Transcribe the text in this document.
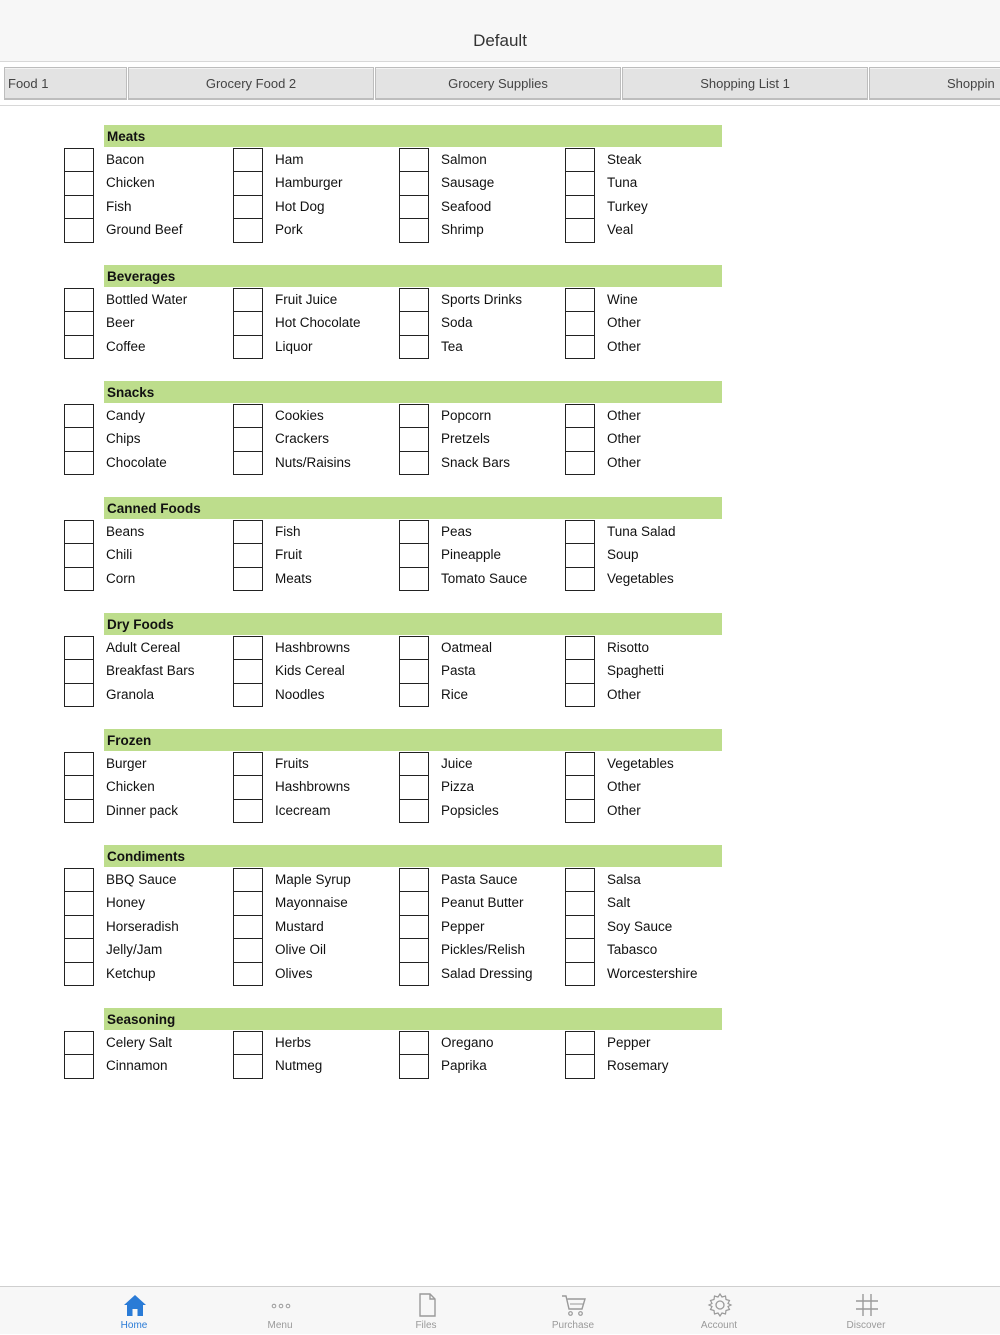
Default
Food 1	Grocery Food 2	Grocery Supplies	Shopping List 1	Shoppin
Meats
Bacon	Ham	Salmon	Steak
Chicken	Hamburger	Sausage	Tuna
Fish	Hot Dog	Seafood	Turkey
Ground Beef	Pork	Shrimp	Veal
Beverages
Bottled Water	Fruit Juice	Sports Drinks	Wine
Beer	Hot Chocolate	Soda	Other
Coffee	Liquor	Tea	Other
Snacks
Candy	Cookies	Popcorn	Other
Chips	Crackers	Pretzels	Other
Chocolate	Nuts/Raisins	Snack Bars	Other
Canned Foods
Beans	Fish	Peas	Tuna Salad
Chili	Fruit	Pineapple	Soup
Corn	Meats	Tomato Sauce	Vegetables
Dry Foods
Adult Cereal	Hashbrowns	Oatmeal	Risotto
Breakfast Bars	Kids Cereal	Pasta	Spaghetti
Granola	Noodles	Rice	Other
Frozen
Burger	Fruits	Juice	Vegetables
Chicken	Hashbrowns	Pizza	Other
Dinner pack	Icecream	Popsicles	Other
Condiments
BBQ Sauce	Maple Syrup	Pasta Sauce	Salsa
Honey	Mayonnaise	Peanut Butter	Salt
Horseradish	Mustard	Pepper	Soy Sauce
Jelly/Jam	Olive Oil	Pickles/Relish	Tabasco
Ketchup	Olives	Salad Dressing	Worcestershire
Seasoning
Celery Salt	Herbs	Oregano	Pepper
Cinnamon	Nutmeg	Paprika	Rosemary
Home	Menu	Files	Purchase	Account	Discover
